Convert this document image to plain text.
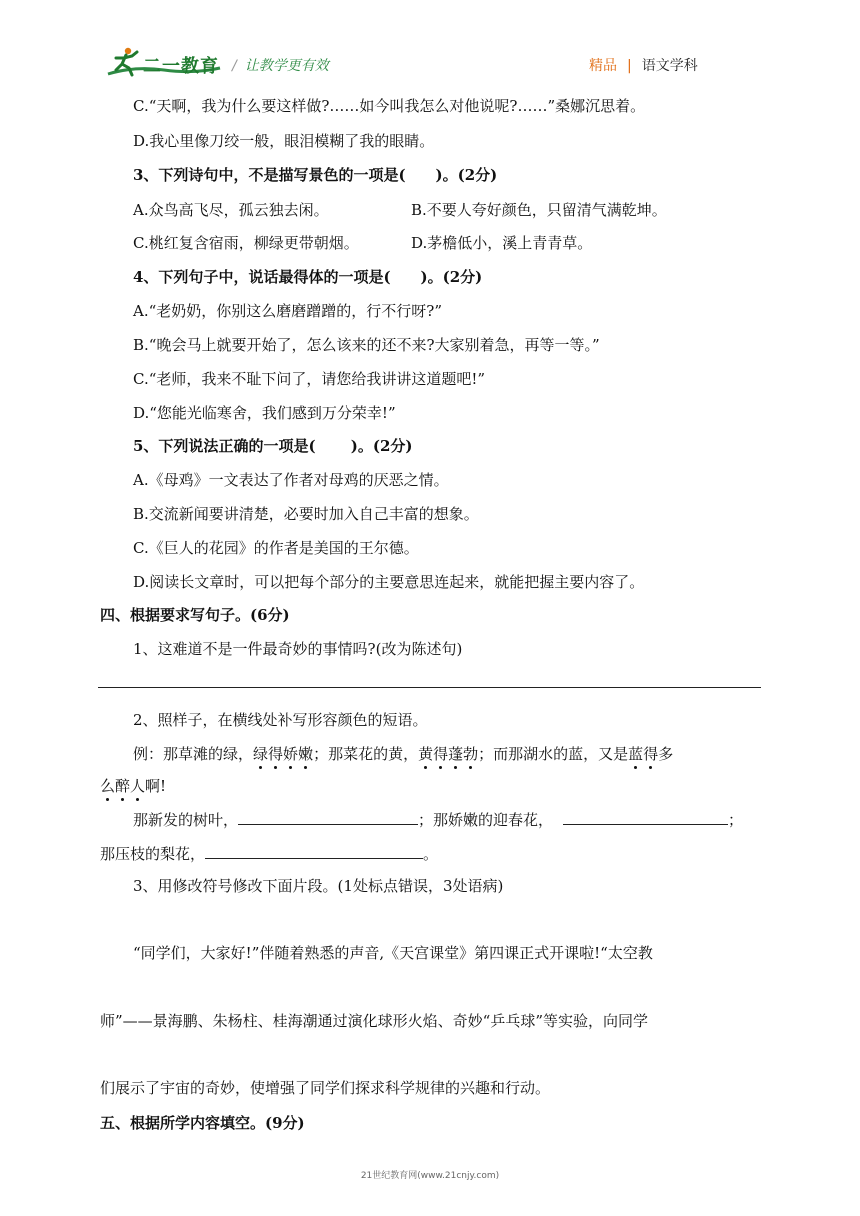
二一教育 / 让教学更有效	精品 | 语文学科
C.“天啊，我为什么要这样做?……如今叫我怎么对他说呢?……”桑娜沉思着。
D.我心里像刀绞一般，眼泪模糊了我的眼睛。
3、下列诗句中，不是描写景色的一项是(　　)。(2分)
A.众鸟高飞尽，孤云独去闲。	B.不要人夸好颜色，只留清气满乾坤。
C.桃红复含宿雨，柳绿更带朝烟。	D.茅檐低小，溪上青青草。
4、下列句子中，说话最得体的一项是(　　)。(2分)
A.“老奶奶，你别这么磨磨蹭蹭的，行不行呀?”
B.“晚会马上就要开始了，怎么该来的还不来?大家别着急，再等一等。”
C.“老师，我来不耻下问了，请您给我讲讲这道题吧!”
D.“您能光临寒舍，我们感到万分荣幸!”
5、下列说法正确的一项是(　　 )。(2分)
A.《母鸡》一文表达了作者对母鸡的厌恶之情。
B.交流新闻要讲清楚，必要时加入自己丰富的想象。
C.《巨人的花园》的作者是美国的王尔德。
D.阅读长文章时，可以把每个部分的主要意思连起来，就能把握主要内容了。
四、根据要求写句子。(6分)
1、这难道不是一件最奇妙的事情吗?(改为陈述句)
2、照样子，在横线处补写形容颜色的短语。
例：那草滩的绿，绿得娇嫩；那菜花的黄，黄得蓬勃；而那湖水的蓝，又是蓝得多
么醉人啊!
那新发的树叶，	；那娇嫩的迎春花，	；
那压枝的梨花，	。
3、用修改符号修改下面片段。(1处标点错误，3处语病)
“同学们，大家好!”伴随着熟悉的声音,《天宫课堂》第四课正式开课啦!“太空教
师”——景海鹏、朱杨柱、桂海潮通过演化球形火焰、奇妙“乒乓球”等实验，向同学
们展示了宇宙的奇妙，使增强了同学们探求科学规律的兴趣和行动。
五、根据所学内容填空。(9分)
21世纪教育网(www.21cnjy.com)
